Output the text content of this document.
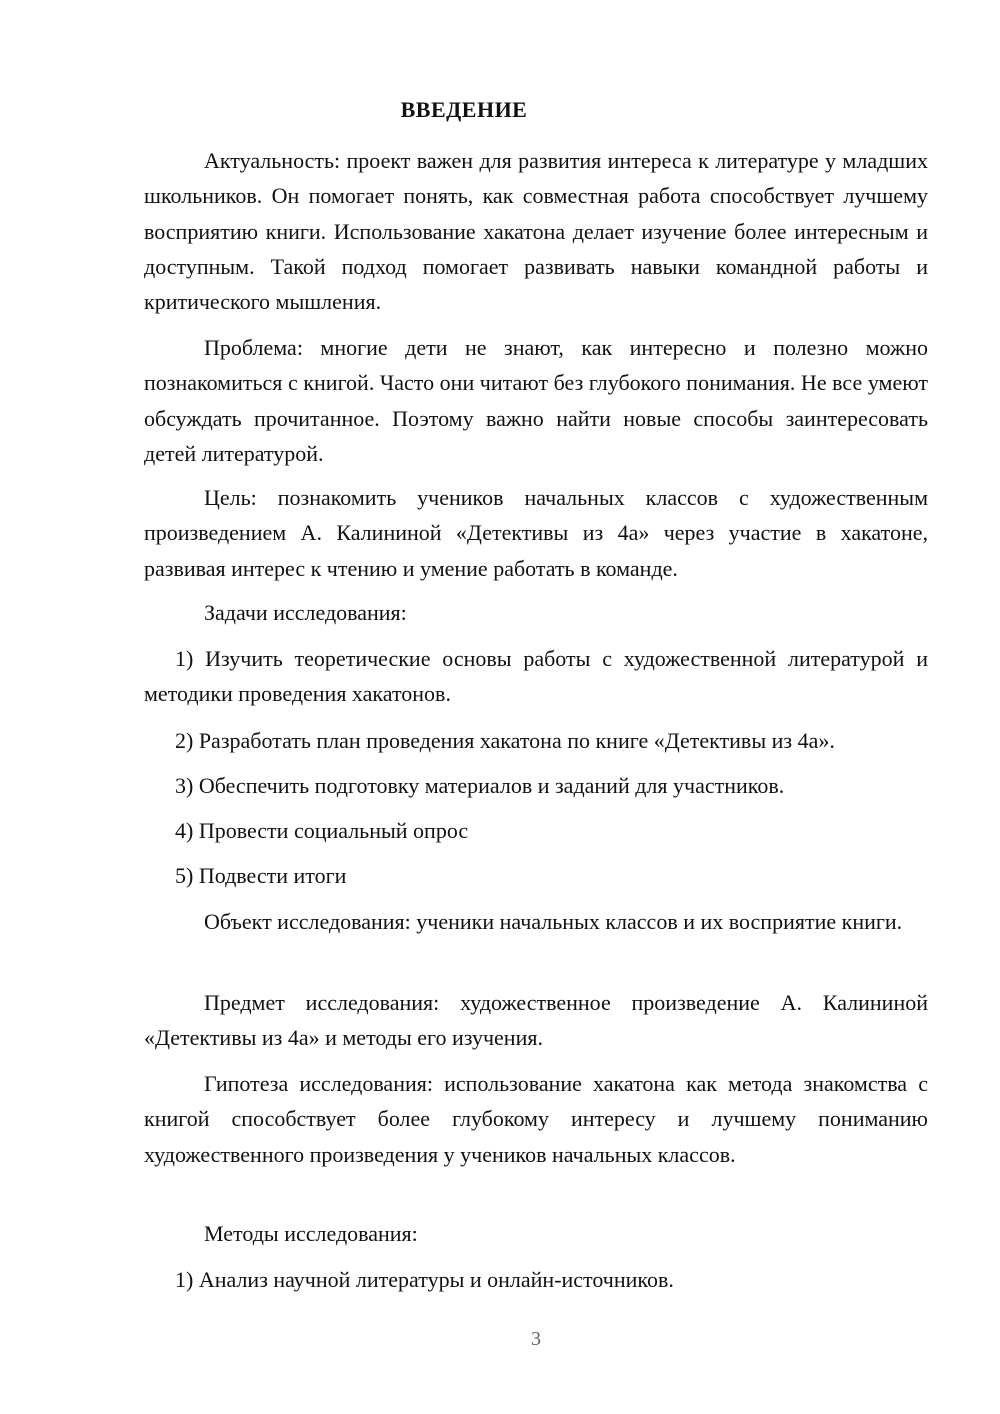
ВВЕДЕНИЕ

Актуальность: проект важен для развития интереса к литературе у младших школьников. Он помогает понять, как совместная работа способствует лучшему восприятию книги. Использование хакатона делает изучение более интересным и доступным. Такой подход помогает развивать навыки командной работы и критического мышления.

Проблема: многие дети не знают, как интересно и полезно можно познакомиться с книгой. Часто они читают без глубокого понимания. Не все умеют обсуждать прочитанное. Поэтому важно найти новые способы заинтересовать детей литературой.

Цель: познакомить учеников начальных классов с художественным произведением А. Калининой «Детективы из 4а» через участие в хакатоне, развивая интерес к чтению и умение работать в команде.

Задачи исследования:

1) Изучить теоретические основы работы с художественной литературой и методики проведения хакатонов.

2) Разработать план проведения хакатона по книге «Детективы из 4а».

3) Обеспечить подготовку материалов и заданий для участников.

4) Провести социальный опрос

5) Подвести итоги

Объект исследования: ученики начальных классов и их восприятие книги.

Предмет исследования: художественное произведение А. Калининой «Детективы из 4а» и методы его изучения.

Гипотеза исследования: использование хакатона как метода знакомства с книгой способствует более глубокому интересу и лучшему пониманию художественного произведения у учеников начальных классов.

Методы исследования:

1) Анализ научной литературы и онлайн-источников.

3
